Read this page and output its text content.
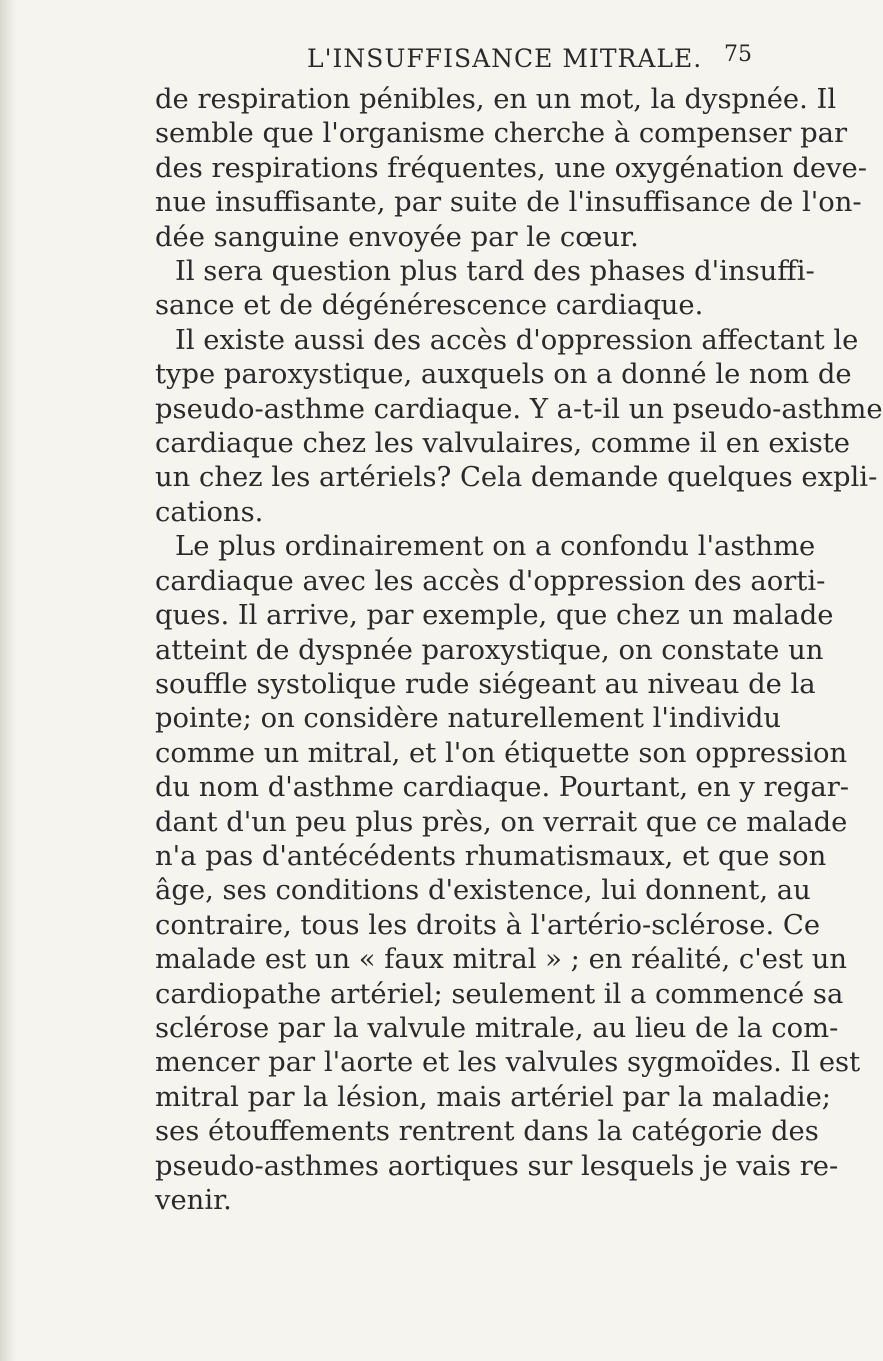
L'INSUFFISANCE MITRALE. 75
de respiration pénibles, en un mot, la dyspnée. Il
semble que l'organisme cherche à compenser par
des respirations fréquentes, une oxygénation deve-
nue insuffisante, par suite de l'insuffisance de l'on-
dée sanguine envoyée par le cœur.
Il sera question plus tard des phases d'insuffi-
sance et de dégénérescence cardiaque.
Il existe aussi des accès d'oppression affectant le
type paroxystique, auxquels on a donné le nom de
pseudo-asthme cardiaque. Y a-t-il un pseudo-asthme
cardiaque chez les valvulaires, comme il en existe
un chez les artériels? Cela demande quelques expli-
cations.
Le plus ordinairement on a confondu l'asthme
cardiaque avec les accès d'oppression des aorti-
ques. Il arrive, par exemple, que chez un malade
atteint de dyspnée paroxystique, on constate un
souffle systolique rude siégeant au niveau de la
pointe; on considère naturellement l'individu
comme un mitral, et l'on étiquette son oppression
du nom d'asthme cardiaque. Pourtant, en y regar-
dant d'un peu plus près, on verrait que ce malade
n'a pas d'antécédents rhumatismaux, et que son
âge, ses conditions d'existence, lui donnent, au
contraire, tous les droits à l'artério-sclérose. Ce
malade est un « faux mitral » ; en réalité, c'est un
cardiopathe artériel; seulement il a commencé sa
sclérose par la valvule mitrale, au lieu de la com-
mencer par l'aorte et les valvules sygmoïdes. Il est
mitral par la lésion, mais artériel par la maladie;
ses étouffements rentrent dans la catégorie des
pseudo-asthmes aortiques sur lesquels je vais re-
venir.
